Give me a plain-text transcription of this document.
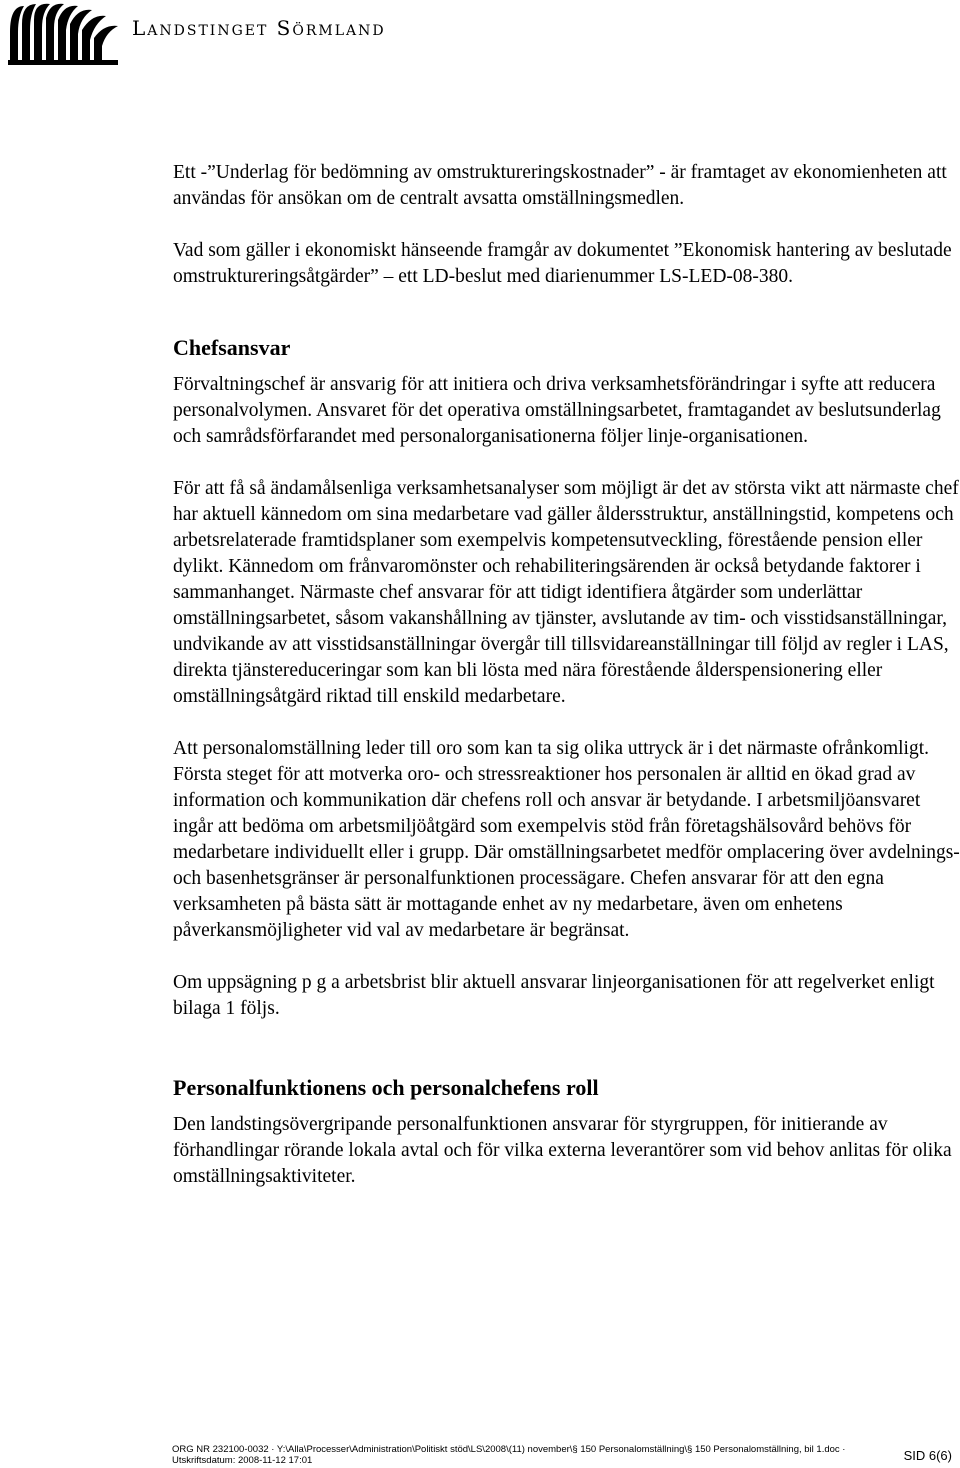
Landstinget Sörmland

Ett -”Underlag för bedömning av omstruktureringskostnader” - är framtaget av ekonomienheten att användas för ansökan om de centralt avsatta omställningsmedlen.

Vad som gäller i ekonomiskt hänseende framgår av dokumentet ”Ekonomisk hantering av beslutade omstruktureringsåtgärder” – ett LD-beslut med diarienummer LS-LED-08-380.

Chefsansvar

Förvaltningschef är ansvarig för att initiera och driva verksamhetsförändringar i syfte att reducera personalvolymen. Ansvaret för det operativa omställningsarbetet, framtagandet av beslutsunderlag och samrådsförfarandet med personalorganisationerna följer linje-organisationen.

För att få så ändamålsenliga verksamhetsanalyser som möjligt är det av största vikt att närmaste chef har aktuell kännedom om sina medarbetare vad gäller åldersstruktur, anställningstid, kompetens och arbetsrelaterade framtidsplaner som exempelvis kompetensutveckling, förestående pension eller dylikt. Kännedom om frånvaromönster och rehabiliteringsärenden är också betydande faktorer i sammanhanget. Närmaste chef ansvarar för att tidigt identifiera åtgärder som underlättar omställningsarbetet, såsom vakanshållning av tjänster, avslutande av tim- och visstidsanställningar, undvikande av att visstidsanställningar övergår till tillsvidareanställningar till följd av regler i LAS, direkta tjänstereduceringar som kan bli lösta med nära förestående ålderspensionering eller omställningsåtgärd riktad till enskild medarbetare.

Att personalomställning leder till oro som kan ta sig olika uttryck är i det närmaste ofrånkomligt. Första steget för att motverka oro- och stressreaktioner hos personalen är alltid en ökad grad av information och kommunikation där chefens roll och ansvar är betydande. I arbetsmiljöansvaret ingår att bedöma om arbetsmiljöåtgärd som exempelvis stöd från företagshälsovård behövs för medarbetare individuellt eller i grupp. Där omställningsarbetet medför omplacering över avdelnings- och basenhetsgränser är personalfunktionen processägare. Chefen ansvarar för att den egna verksamheten på bästa sätt är mottagande enhet av ny medarbetare, även om enhetens påverkansmöjligheter vid val av medarbetare är begränsat.

Om uppsägning p g a arbetsbrist blir aktuell ansvarar linjeorganisationen för att regelverket enligt bilaga 1 följs.

Personalfunktionens och personalchefens roll

Den landstingsövergripande personalfunktionen ansvarar för styrgruppen, för initierande av förhandlingar rörande lokala avtal och för vilka externa leverantörer som vid behov anlitas för olika omställningsaktiviteter.

ORG NR 232100-0032 · Y:\Alla\Processer\Administration\Politiskt stöd\LS\2008\(11) november\§ 150 Personalomställning\§ 150 Personalomställning, bil 1.doc ·
Utskriftsdatum: 2008-11-12 17:01	SID 6(6)
